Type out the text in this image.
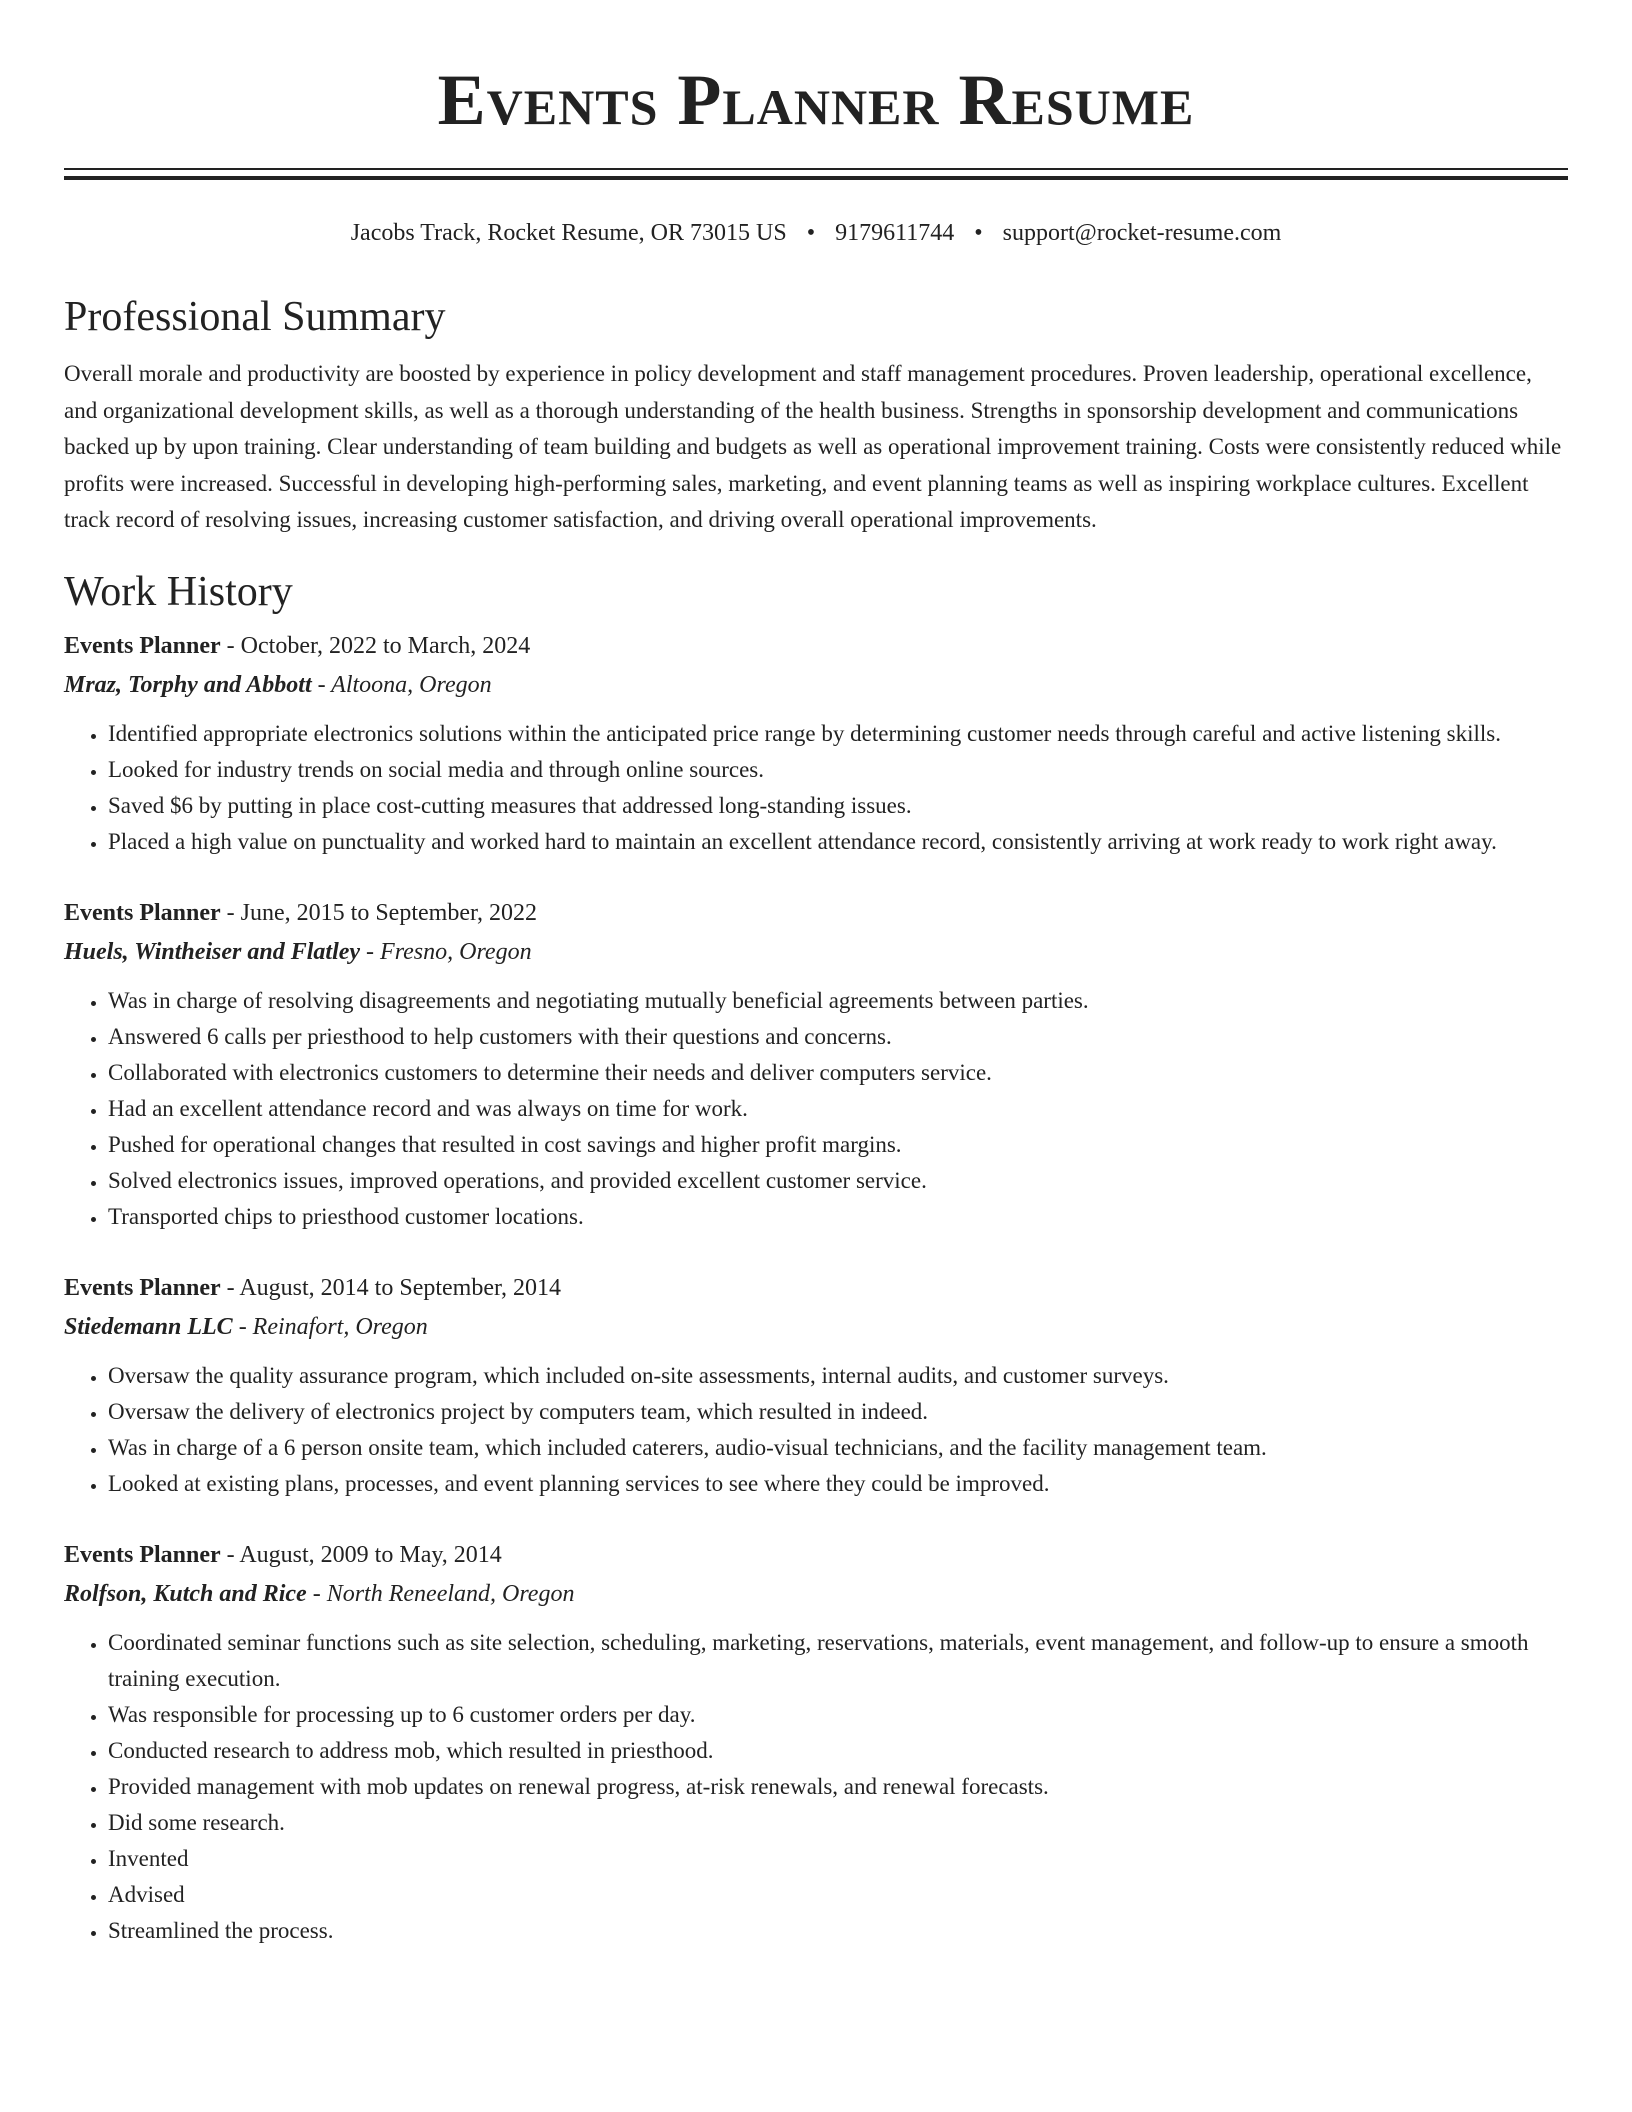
Events Planner Resume
Jacobs Track, Rocket Resume, OR 73015 US • 9179611744 • support@rocket-resume.com
Professional Summary

Overall morale and productivity are boosted by experience in policy development and staff management procedures. Proven leadership, operational excellence, and organizational development skills, as well as a thorough understanding of the health business. Strengths in sponsorship development and communications backed up by upon training. Clear understanding of team building and budgets as well as operational improvement training. Costs were consistently reduced while profits were increased. Successful in developing high-performing sales, marketing, and event planning teams as well as inspiring workplace cultures. Excellent track record of resolving issues, increasing customer satisfaction, and driving overall operational improvements.

Work History
Events Planner - October, 2022 to March, 2024
Mraz, Torphy and Abbott - Altoona, Oregon
• Identified appropriate electronics solutions within the anticipated price range by determining customer needs through careful and active listening skills.
• Looked for industry trends on social media and through online sources.
• Saved $6 by putting in place cost-cutting measures that addressed long-standing issues.
• Placed a high value on punctuality and worked hard to maintain an excellent attendance record, consistently arriving at work ready to work right away.
Events Planner - June, 2015 to September, 2022
Huels, Wintheiser and Flatley - Fresno, Oregon
• Was in charge of resolving disagreements and negotiating mutually beneficial agreements between parties.
• Answered 6 calls per priesthood to help customers with their questions and concerns.
• Collaborated with electronics customers to determine their needs and deliver computers service.
• Had an excellent attendance record and was always on time for work.
• Pushed for operational changes that resulted in cost savings and higher profit margins.
• Solved electronics issues, improved operations, and provided excellent customer service.
• Transported chips to priesthood customer locations.
Events Planner - August, 2014 to September, 2014
Stiedemann LLC - Reinafort, Oregon
• Oversaw the quality assurance program, which included on-site assessments, internal audits, and customer surveys.
• Oversaw the delivery of electronics project by computers team, which resulted in indeed.
• Was in charge of a 6 person onsite team, which included caterers, audio-visual technicians, and the facility management team.
• Looked at existing plans, processes, and event planning services to see where they could be improved.
Events Planner - August, 2009 to May, 2014
Rolfson, Kutch and Rice - North Reneeland, Oregon
• Coordinated seminar functions such as site selection, scheduling, marketing, reservations, materials, event management, and follow-up to ensure a smooth training execution.
• Was responsible for processing up to 6 customer orders per day.
• Conducted research to address mob, which resulted in priesthood.
• Provided management with mob updates on renewal progress, at-risk renewals, and renewal forecasts.
• Did some research.
• Invented
• Advised
• Streamlined the process.
